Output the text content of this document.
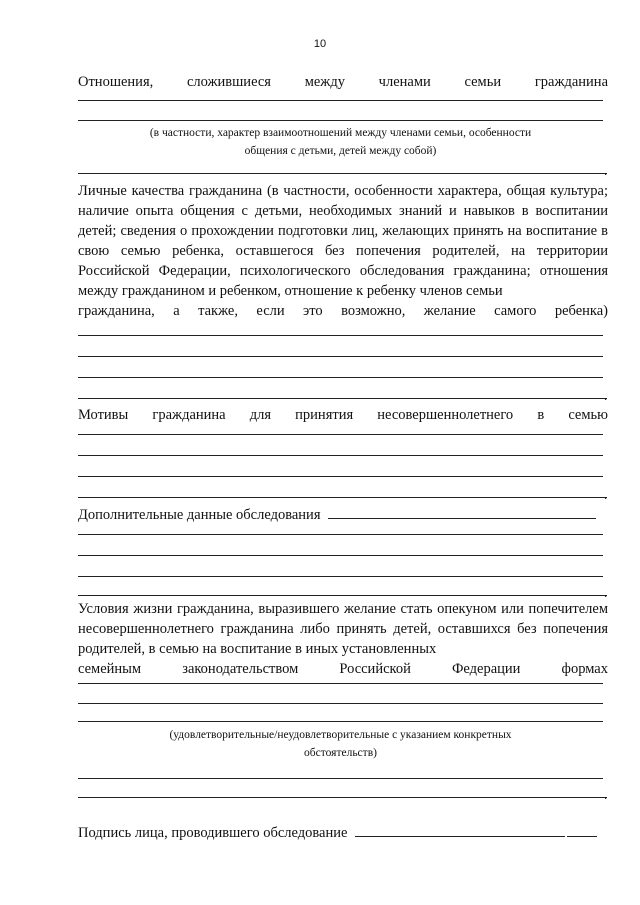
10
Отношения, сложившиеся между членами семьи гражданина
(в частности, характер взаимоотношений между членами семьи, особенности
общения с детьми, детей между собой)
.
Личные качества гражданина (в частности, особенности характера, общая культура; наличие опыта общения с детьми, необходимых знаний и навыков в воспитании детей; сведения о прохождении подготовки лиц, желающих принять на воспитание в свою семью ребенка, оставшегося без попечения родителей, на территории Российской Федерации, психологического обследования гражданина; отношения между гражданином и ребенком, отношение к ребенку членов семьи
гражданина, а также, если это возможно, желание самого ребенка)
.
Мотивы гражданина для принятия несовершеннолетнего в семью
.
Дополнительные данные обследования
.
Условия жизни гражданина, выразившего желание стать опекуном или попечителем несовершеннолетнего гражданина либо принять детей, оставшихся без попечения родителей, в семью на воспитание в иных установленных
семейным законодательством Российской Федерации формах
(удовлетворительные/неудовлетворительные с указанием конкретных
обстоятельств)
.
Подпись лица, проводившего обследование
